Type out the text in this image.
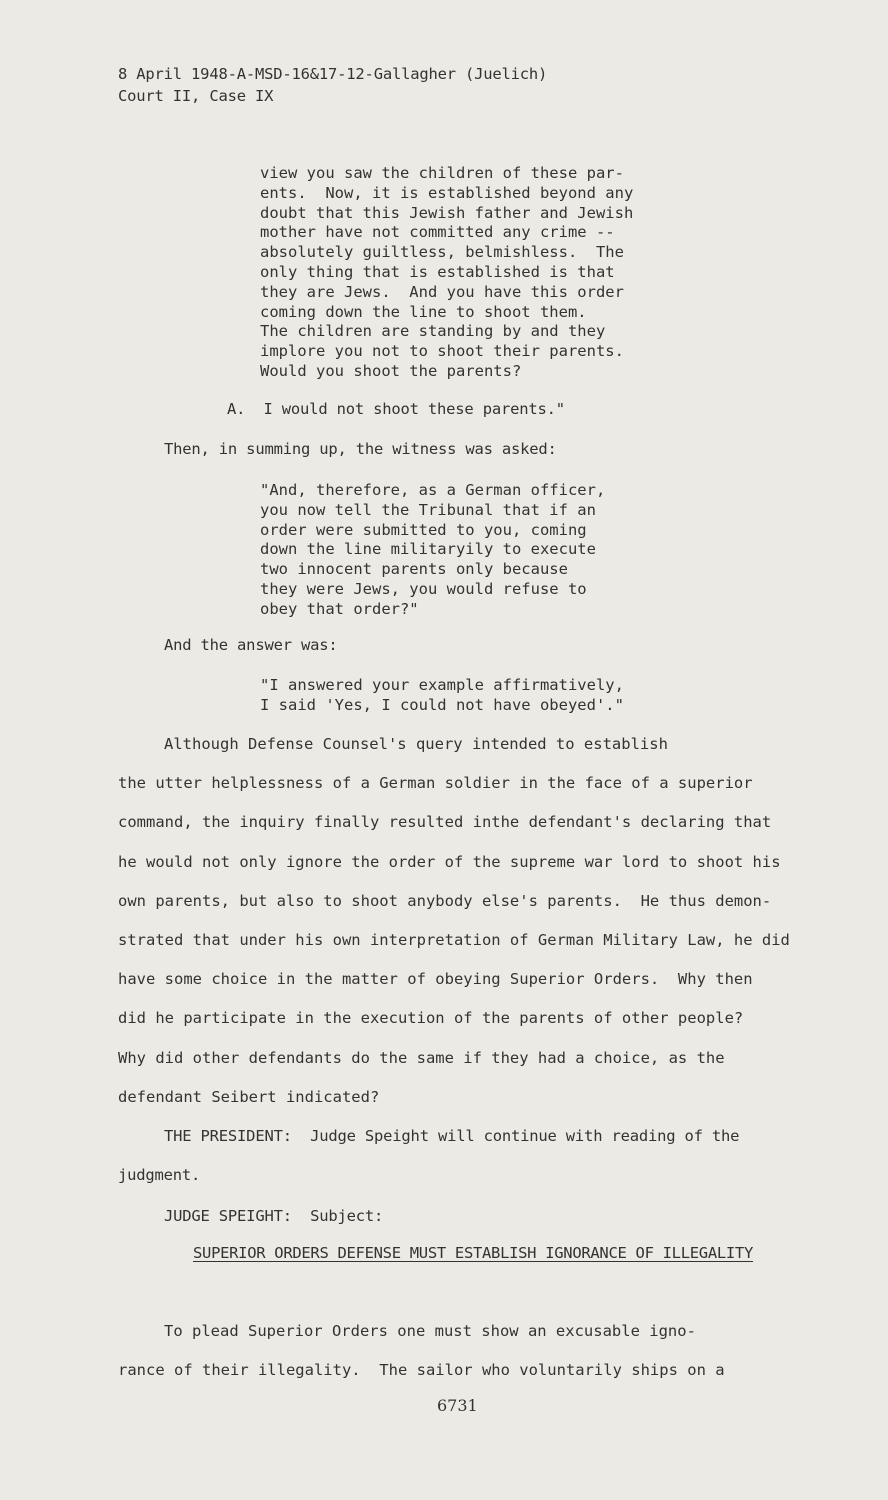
8 April 1948-A-MSD-16&17-12-Gallagher (Juelich)
Court II, Case IX
view you saw the children of these par-
ents.  Now, it is established beyond any
doubt that this Jewish father and Jewish
mother have not committed any crime --
absolutely guiltless, belmishless.  The
only thing that is established is that
they are Jews.  And you have this order
coming down the line to shoot them.
The children are standing by and they
implore you not to shoot their parents.
Would you shoot the parents?
A.  I would not shoot these parents."
Then, in summing up, the witness was asked:
"And, therefore, as a German officer,
you now tell the Tribunal that if an
order were submitted to you, coming
down the line militaryily to execute
two innocent parents only because
they were Jews, you would refuse to
obey that order?"
And the answer was:
"I answered your example affirmatively,
I said 'Yes, I could not have obeyed'."
Although Defense Counsel's query intended to establish
the utter helplessness of a German soldier in the face of a superior
command, the inquiry finally resulted inthe defendant's declaring that
he would not only ignore the order of the supreme war lord to shoot his
own parents, but also to shoot anybody else's parents.  He thus demon-
strated that under his own interpretation of German Military Law, he did
have some choice in the matter of obeying Superior Orders.  Why then
did he participate in the execution of the parents of other people?
Why did other defendants do the same if they had a choice, as the
defendant Seibert indicated?
THE PRESIDENT:  Judge Speight will continue with reading of the
judgment.
JUDGE SPEIGHT:  Subject:
SUPERIOR ORDERS DEFENSE MUST ESTABLISH IGNORANCE OF ILLEGALITY
To plead Superior Orders one must show an excusable igno-
rance of their illegality.  The sailor who voluntarily ships on a
6731
